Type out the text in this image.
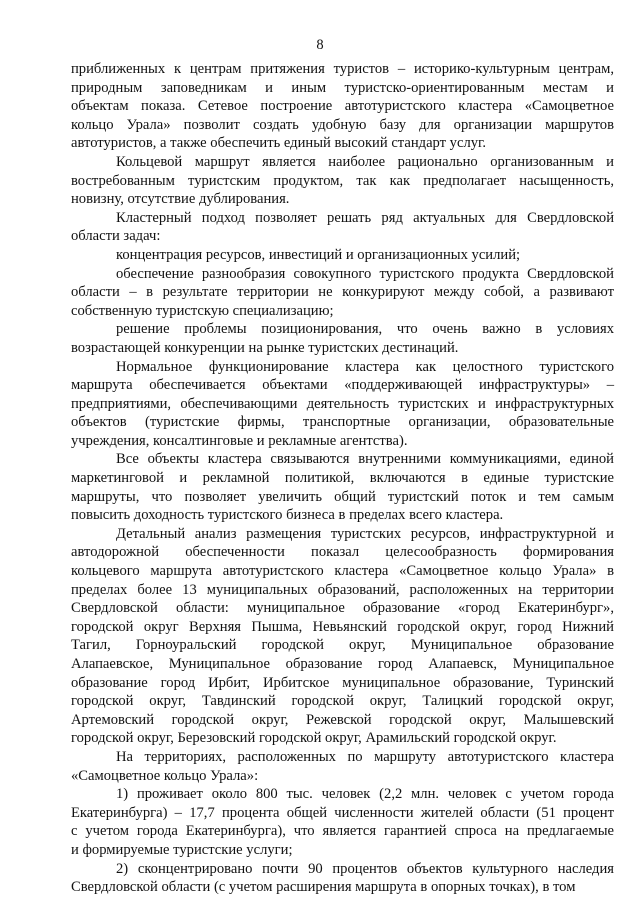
8
приближенных к центрам притяжения туристов – историко-культурным центрам,
природным заповедникам и иным туристско-ориентированным местам и
объектам показа. Сетевое построение автотуристского кластера «Самоцветное
кольцо Урала» позволит создать удобную базу для организации маршрутов
автотуристов, а также обеспечить единый высокий стандарт услуг.
Кольцевой маршрут является наиболее рационально организованным и
востребованным туристским продуктом, так как предполагает насыщенность,
новизну, отсутствие дублирования.
Кластерный подход позволяет решать ряд актуальных для Свердловской
области задач:
концентрация ресурсов, инвестиций и организационных усилий;
обеспечение разнообразия совокупного туристского продукта Свердловской
области – в результате территории не конкурируют между собой, а развивают
собственную туристскую специализацию;
решение проблемы позиционирования, что очень важно в условиях
возрастающей конкуренции на рынке туристских дестинаций.
Нормальное функционирование кластера как целостного туристского
маршрута обеспечивается объектами «поддерживающей инфраструктуры» –
предприятиями, обеспечивающими деятельность туристских и инфраструктурных
объектов (туристские фирмы, транспортные организации, образовательные
учреждения, консалтинговые и рекламные агентства).
Все объекты кластера связываются внутренними коммуникациями, единой
маркетинговой и рекламной политикой, включаются в единые туристские
маршруты, что позволяет увеличить общий туристский поток и тем самым
повысить доходность туристского бизнеса в пределах всего кластера.
Детальный анализ размещения туристских ресурсов, инфраструктурной и
автодорожной обеспеченности показал целесообразность формирования
кольцевого маршрута автотуристского кластера «Самоцветное кольцо Урала» в
пределах более 13 муниципальных образований, расположенных на территории
Свердловской области: муниципальное образование «город Екатеринбург»,
городской округ Верхняя Пышма, Невьянский городской округ, город Нижний
Тагил, Горноуральский городской округ, Муниципальное образование
Алапаевское, Муниципальное образование город Алапаевск, Муниципальное
образование город Ирбит, Ирбитское муниципальное образование, Туринский
городской округ, Тавдинский городской округ, Талицкий городской округ,
Артемовский городской округ, Режевской городской округ, Малышевский
городской округ, Березовский городской округ, Арамильский городской округ.
На территориях, расположенных по маршруту автотуристского кластера
«Самоцветное кольцо Урала»:
1) проживает около 800 тыс. человек (2,2 млн. человек с учетом города
Екатеринбурга) – 17,7 процента общей численности жителей области (51 процент
с учетом города Екатеринбурга), что является гарантией спроса на предлагаемые
и формируемые туристские услуги;
2) сконцентрировано почти 90 процентов объектов культурного наследия
Свердловской области (с учетом расширения маршрута в опорных точках), в том
